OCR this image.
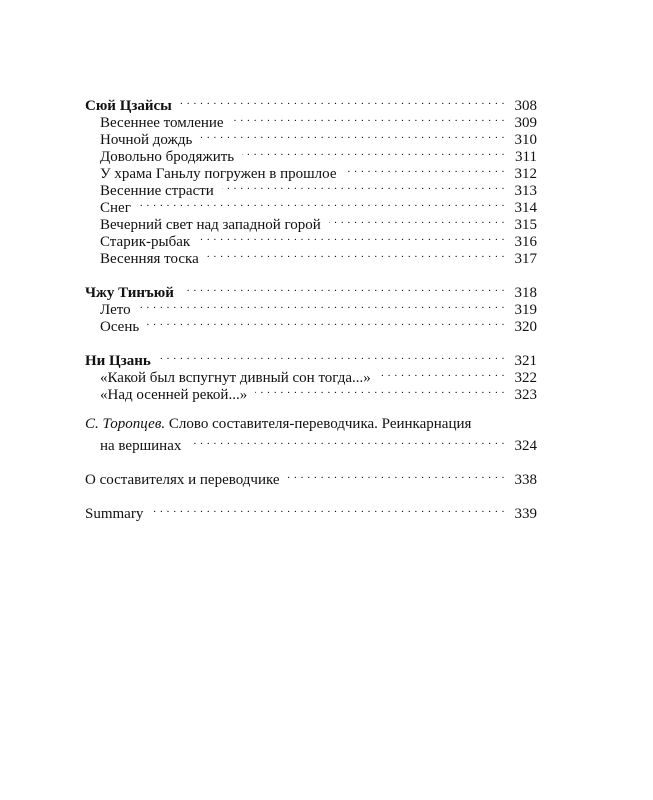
Сюй Цзайсы . . .	308
Весеннее томление . . .	309
Ночной дождь . . .	310
Довольно бродяжить . . .	311
У храма Ганьлу погружен в прошлое . . .	312
Весенние страсти . . .	313
Снег . . .	314
Вечерний свет над западной горой . . .	315
Старик-рыбак . . .	316
Весенняя тоска . . .	317
Чжу Тинъюй . . .	318
Лето . . .	319
Осень . . .	320
Ни Цзань . . .	321
«Какой был вспугнут дивный сон тогда...» . . .	322
«Над осенней рекой...» . . .	323
С. Торопцев. Слово составителя-переводчика. Реинкарнация
на вершинах . . .	324
О составителях и переводчике . . .	338
Summary . . .	339
